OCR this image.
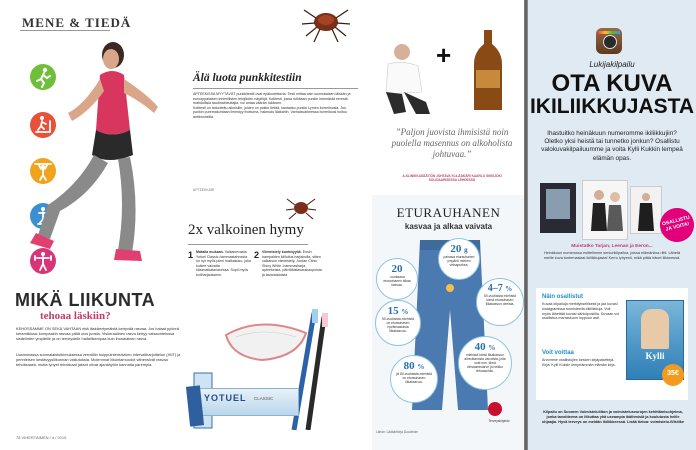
MENE & TIEDÄ
MIKÄ LIIKUNTA
tehoaa läskiin?
KEHOSSAMME ON SEKÄ VAHTAAN että läskikertymäistä kertyvää rasvaa. Jos halaat pyöreä keramiikkaa: kumpaakin rasvaa pitää ulos juosta. Viskeraalinen rasva kertyy vatsaontelossa sisäelinten ympärille ja on terveydelle haitallisempaa kuin ihonalainen rasva.
Uusimmassa suomalaistutkimuksessa verrattiin huippuintensiivisen intervallharjoittelun (HIIT) ja perinteisen kestävyysliikunnan vaikutuksia. Molemmat liikuntamuodot vähensivät rasvaa tehokkaasti, mutta lyhyet tehokkaat jaksot olivat ajankäytön kannalta parempia.
78 VIHERTAIMEN / 4 / 2015
Älä luota punkkitestiin
APTEEKISSA MYYTÄVÄT punkkitestit ovat epäluotettavia. Testi mittaa vain suomalaisen läiskän ja eurooppalaisen inhimillisten tekijöiden näyttöjä. Kotitesti, jossa tutkitaan punkin imemästä verestä mahdollisia taudinaiheuttajia, voi antaa väärän tuloksen.
Kotitesti on tarkoitettu aikuisille, joiden on pakko tietää, kantaako punkki Lymen borrelioosia. Jos punkin puremakohtaan ilmestyy ihottuma, hakeudu lääkäriin. Varhaisvaiheessa borrelioosi hoituu antibiooteilla.
APTEEKKARI
2x valkoinen hymy
1 Matalla mukaan. Valkaisevasta Yotuel Classic-hammastahnasta on nyt myös pieni matkakoko, joka kulkee vaivatta käsimatkatavaroissa. Sopii myös kotiharjaukseen.
2 Viimeistely kuntotyyliä. Ensin hampaiden kiilloitus harjaksilla, sitten valkaisun viimeistely. Jordan Clinic Shiny White -hammasharja, apteekeista, päivittäistavarakaupoista ja tavarataloista.
YOTUEL CLASSIC
+
”Paljon juovista ihmisistä noin puolella masennus on alkoholista johtuvaa.”
A-KLINIKKASÄÄTIÖN JOHTAVA YLILÄÄKÄRI KAARLO SIMOJOKI SOLIDAARISESSA LEHDESSÄ
ETURAUHANEN
kasvaa ja alkaa vaivata
20 g
painava eturauhanen ympäröi miehen virtsaputkea.
20
-vuotiaana eturauhanen alkaa kasvaa.	4–7 %
50-vuotiaista miehistä kärsii eturauhasen liikakasvun oireista.
15 %
50-vuotiaista miehistä on eturauhasen hyvänlaatuista liikakasvua.
40 %
miehistä kärsii liikakasvun aiheuttamista vaivoista, joita ovat mm. tiheä virtsaamistarve ja heikko virtsasuihku.
80 %
yli 80-vuotiaista miehistä on eturauhasen liikakasvua.
Terveyskirjasto
Lähde: Lääkärikirja Duodecim
Lukijakilpailu
OTA KUVA
IKILIIKKUJASTA
Ihastuitko heinäkuun numeromme ikiliikkujiin? Oletko yksi heistä tai tunnetko jonkun? Osallistu valokuvakilpailuumme ja voita Kylli Kukkin lempeä elämän opas.
OSALLISTU JA VOITA!
Muistatko Tarjan, Leenan ja Eeron...
Heinäkuun numerossa esittelimme seniorikilpailua, joissa elämäniloa riitti. Lähetä meille kuva tuntemastasi ikiliikkujasta! Kerro lyhyesti, mikä pitää hänet liikkeessä.
Näin osallistut
Kuvaa kilpailuja merkityksellisesti ja jaa kuvasi Instagramissa tunnisteella #ikiliikkuja. Voit myös lähettää kuvasi sähköpostilla. Kuvaan voi osallistua marraskuun loppuun asti.
Voit voittaa
Arvomme osallistujien kesken kirjapaketteja. Kirja: Kylli Kukkin lempeämmän elämän kirja.
Kylli
35€
Kilpailu on Suomen Voimisteluliiton ja voimisteluseurojen kehittämisohjelma, jonka tavoitteena on liikuttaa yhä useampia ikäihmisiä ja koulutusta heille ohjaajia. Hyvä terveys on meidän ikiliikkeessä. Lisää tietoa: voimistelu.fi/ikilike
